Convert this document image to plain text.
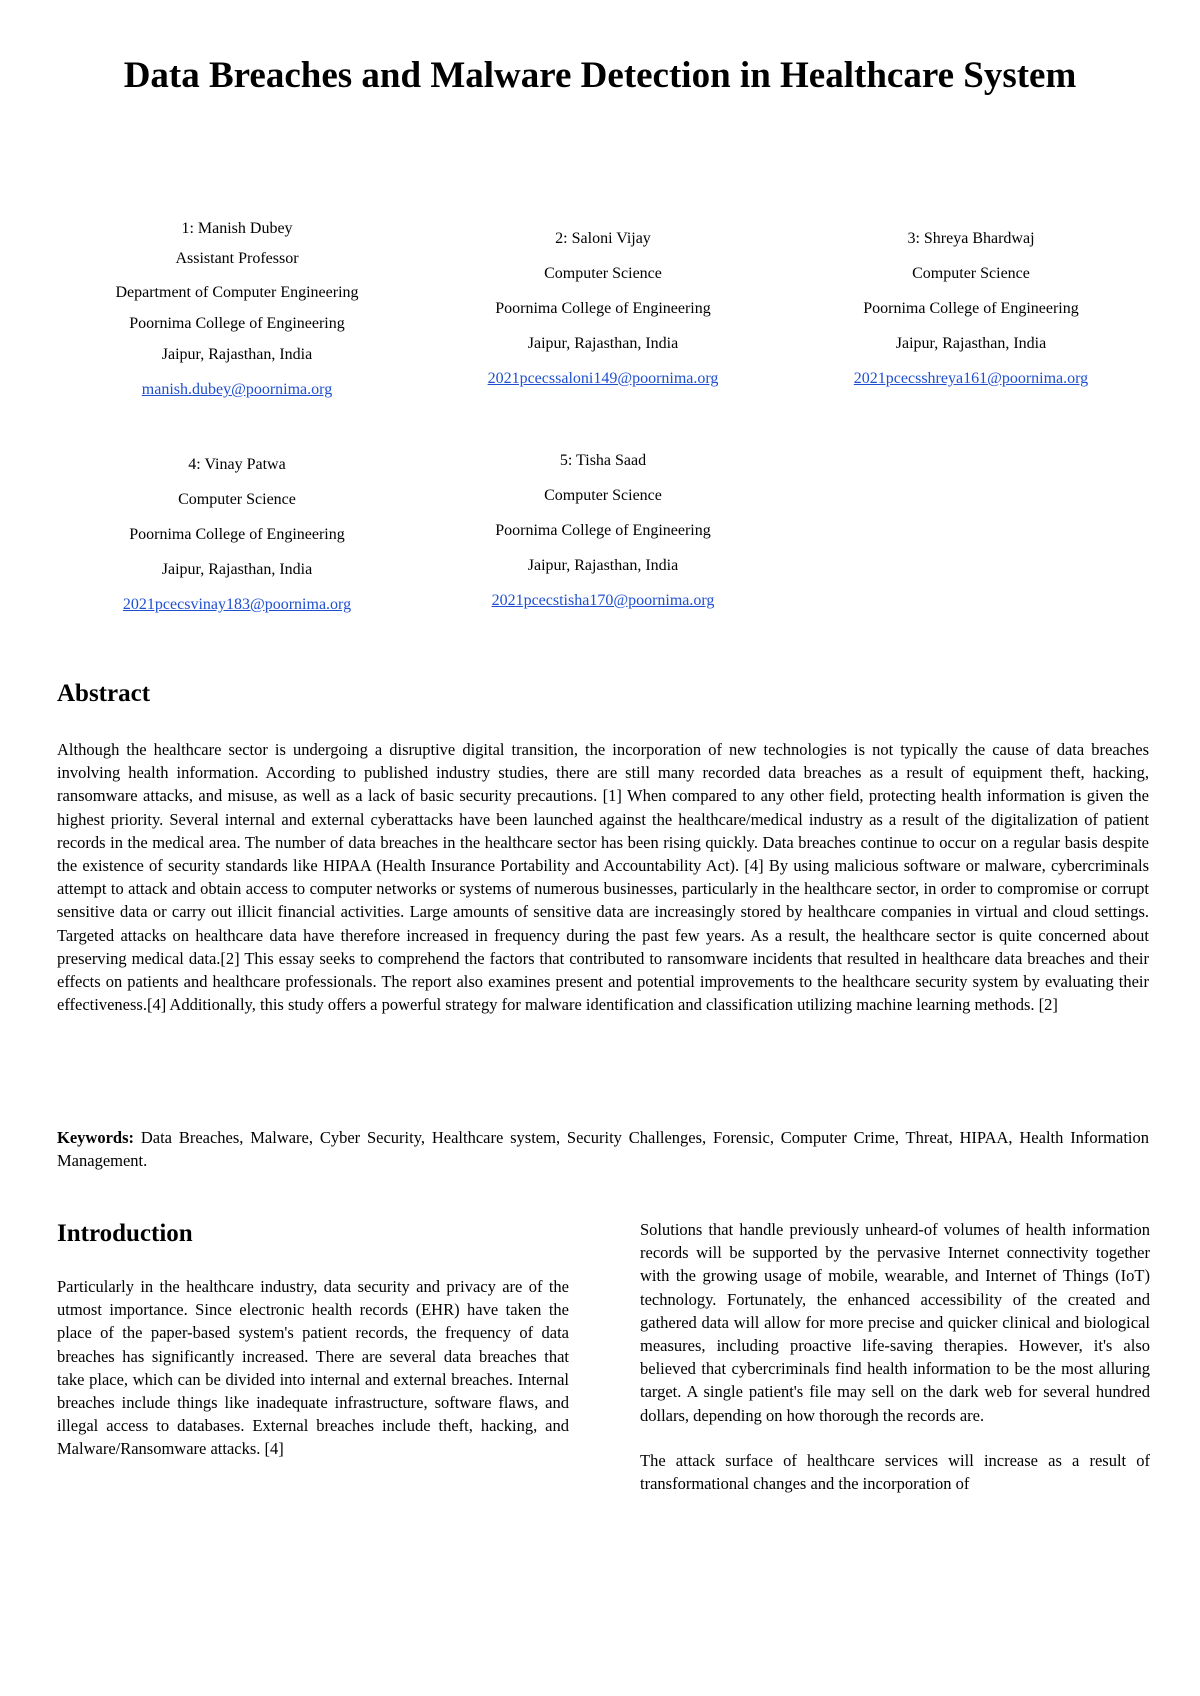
Data Breaches and Malware Detection in Healthcare System

1: Manish Dubey

Assistant Professor

Department of Computer Engineering

Poornima College of Engineering

Jaipur, Rajasthan, India

manish.dubey@poornima.org

2: Saloni Vijay

Computer Science

Poornima College of Engineering

Jaipur, Rajasthan, India

2021pcecssaloni149@poornima.org

3: Shreya Bhardwaj

Computer Science

Poornima College of Engineering

Jaipur, Rajasthan, India

2021pcecsshreya161@poornima.org

4: Vinay Patwa

Computer Science

Poornima College of Engineering

Jaipur, Rajasthan, India

2021pcecsvinay183@poornima.org

5: Tisha Saad

Computer Science

Poornima College of Engineering

Jaipur, Rajasthan, India

2021pcecstisha170@poornima.org

Abstract

Although the healthcare sector is undergoing a disruptive digital transition, the incorporation of new technologies is not typically the cause of data breaches involving health information. According to published industry studies, there are still many recorded data breaches as a result of equipment theft, hacking, ransomware attacks, and misuse, as well as a lack of basic security precautions. [1] When compared to any other field, protecting health information is given the highest priority. Several internal and external cyberattacks have been launched against the healthcare/medical industry as a result of the digitalization of patient records in the medical area. The number of data breaches in the healthcare sector has been rising quickly. Data breaches continue to occur on a regular basis despite the existence of security standards like HIPAA (Health Insurance Portability and Accountability Act). [4] By using malicious software or malware, cybercriminals attempt to attack and obtain access to computer networks or systems of numerous businesses, particularly in the healthcare sector, in order to compromise or corrupt sensitive data or carry out illicit financial activities. Large amounts of sensitive data are increasingly stored by healthcare companies in virtual and cloud settings. Targeted attacks on healthcare data have therefore increased in frequency during the past few years. As a result, the healthcare sector is quite concerned about preserving medical data.[2] This essay seeks to comprehend the factors that contributed to ransomware incidents that resulted in healthcare data breaches and their effects on patients and healthcare professionals. The report also examines present and potential improvements to the healthcare security system by evaluating their effectiveness.[4] Additionally, this study offers a powerful strategy for malware identification and classification utilizing machine learning methods. [2]

Keywords: Data Breaches, Malware, Cyber Security, Healthcare system, Security Challenges, Forensic, Computer Crime, Threat, HIPAA, Health Information Management.

Introduction

Particularly in the healthcare industry, data security and privacy are of the utmost importance. Since electronic health records (EHR) have taken the place of the paper-based system's patient records, the frequency of data breaches has significantly increased. There are several data breaches that take place, which can be divided into internal and external breaches. Internal breaches include things like inadequate infrastructure, software flaws, and illegal access to databases. External breaches include theft, hacking, and Malware/Ransomware attacks. [4]

Solutions that handle previously unheard-of volumes of health information records will be supported by the pervasive Internet connectivity together with the growing usage of mobile, wearable, and Internet of Things (IoT) technology. Fortunately, the enhanced accessibility of the created and gathered data will allow for more precise and quicker clinical and biological measures, including proactive life-saving therapies. However, it's also believed that cybercriminals find health information to be the most alluring target. A single patient's file may sell on the dark web for several hundred dollars, depending on how thorough the records are.

The attack surface of healthcare services will increase as a result of transformational changes and the incorporation of
